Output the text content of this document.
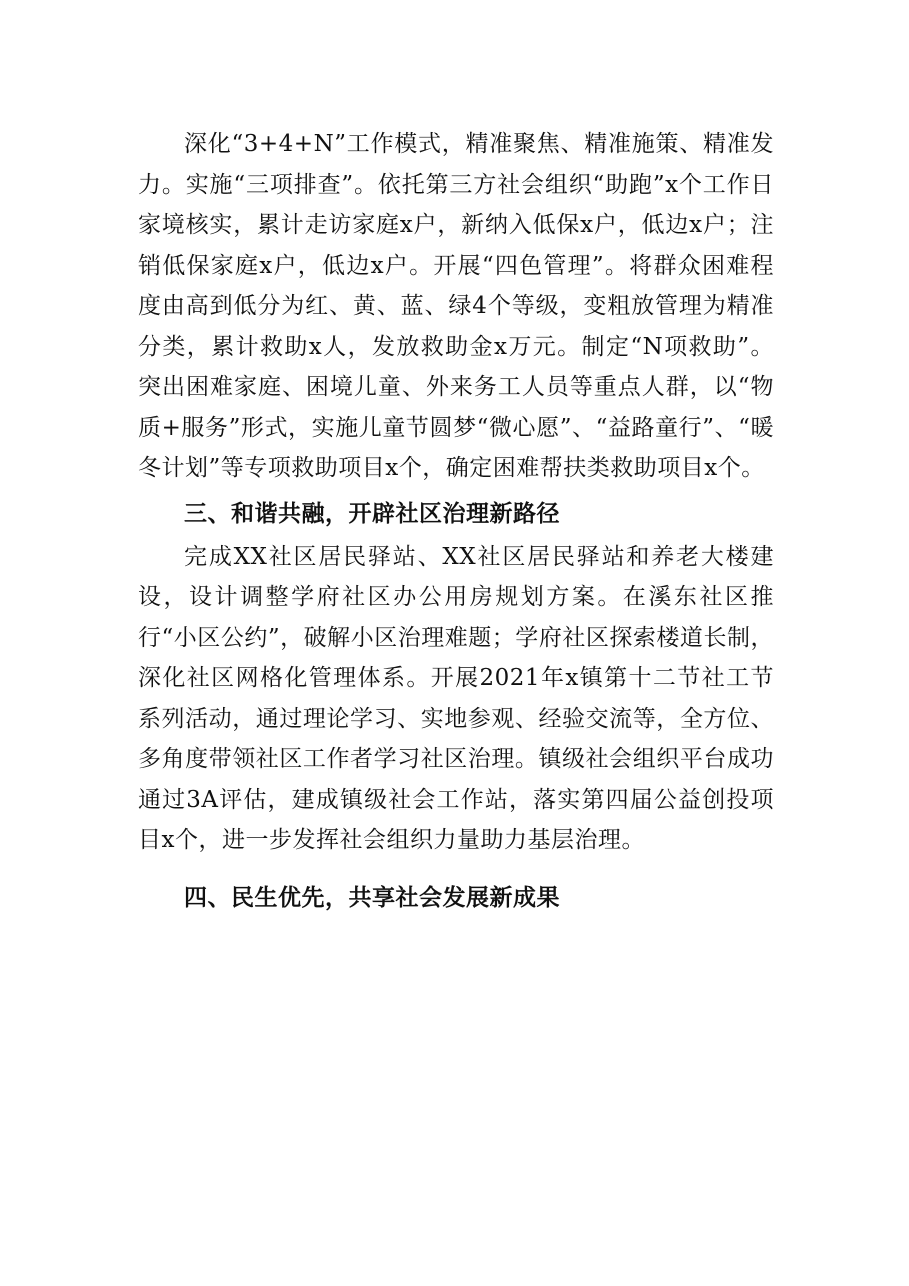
深化“3+4+N”工作模式，精准聚焦、精准施策、精准发力。实施“三项排查”。依托第三方社会组织“助跑”x个工作日家境核实，累计走访家庭x户，新纳入低保x户，低边x户；注销低保家庭x户，低边x户。开展“四色管理”。将群众困难程度由高到低分为红、黄、蓝、绿4个等级，变粗放管理为精准分类，累计救助x人，发放救助金x万元。制定“N项救助”。突出困难家庭、困境儿童、外来务工人员等重点人群，以“物质+服务”形式，实施儿童节圆梦“微心愿”、“益路童行”、“暖冬计划”等专项救助项目x个，确定困难帮扶类救助项目x个。

三、和谐共融，开辟社区治理新路径

完成XX社区居民驿站、XX社区居民驿站和养老大楼建设，设计调整学府社区办公用房规划方案。在溪东社区推行“小区公约”，破解小区治理难题；学府社区探索楼道长制，深化社区网格化管理体系。开展2021年x镇第十二节社工节系列活动，通过理论学习、实地参观、经验交流等，全方位、多角度带领社区工作者学习社区治理。镇级社会组织平台成功通过3A评估，建成镇级社会工作站，落实第四届公益创投项目x个，进一步发挥社会组织力量助力基层治理。

四、民生优先，共享社会发展新成果
